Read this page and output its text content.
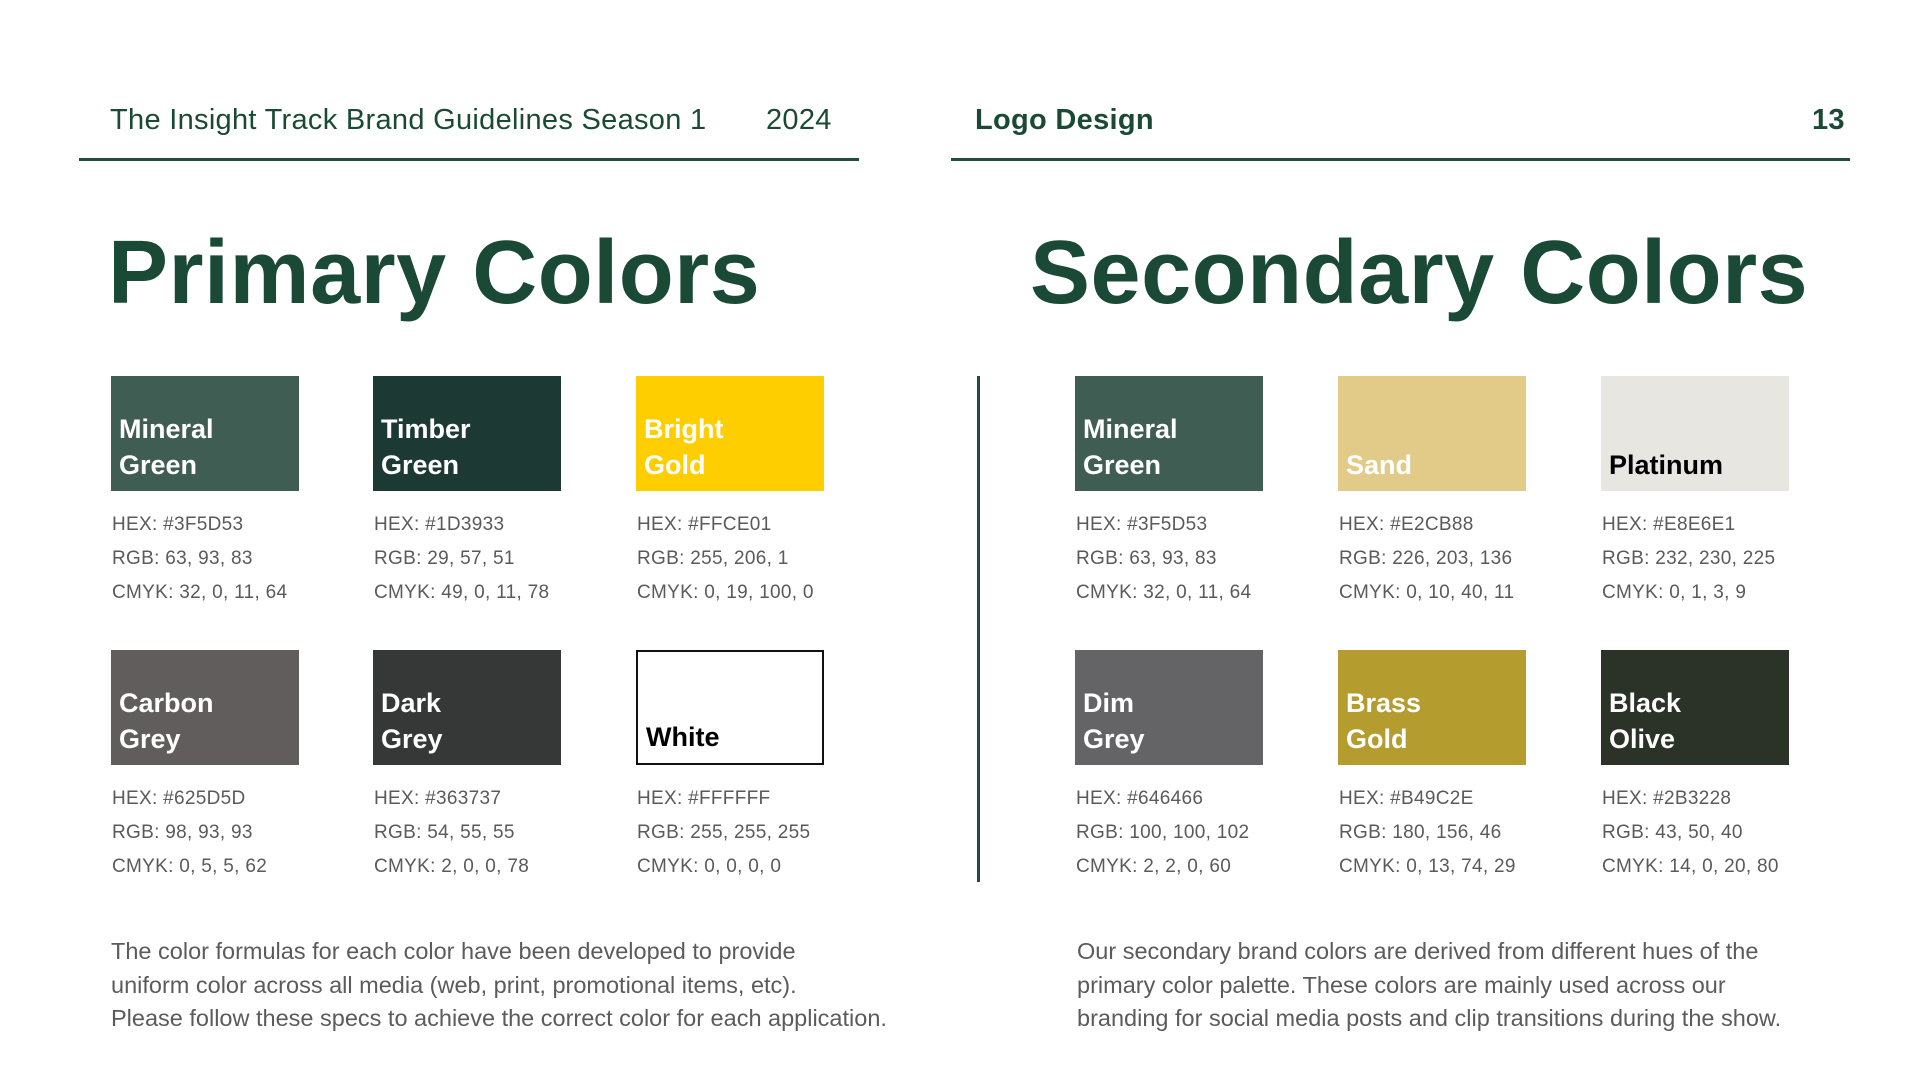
The Insight Track Brand Guidelines Season 1 2024	Logo Design	13
Primary Colors	Secondary Colors
Mineral
Green
HEX: #3F5D53
RGB: 63, 93, 83
CMYK: 32, 0, 11, 64
Timber
Green
HEX: #1D3933
RGB: 29, 57, 51
CMYK: 49, 0, 11, 78
Bright
Gold
HEX: #FFCE01
RGB: 255, 206, 1
CMYK: 0, 19, 100, 0
Carbon
Grey
HEX: #625D5D
RGB: 98, 93, 93
CMYK: 0, 5, 5, 62
Dark
Grey
HEX: #363737
RGB: 54, 55, 55
CMYK: 2, 0, 0, 78
White
HEX: #FFFFFF
RGB: 255, 255, 255
CMYK: 0, 0, 0, 0
Mineral
Green
HEX: #3F5D53
RGB: 63, 93, 83
CMYK: 32, 0, 11, 64
Sand
HEX: #E2CB88
RGB: 226, 203, 136
CMYK: 0, 10, 40, 11
Platinum
HEX: #E8E6E1
RGB: 232, 230, 225
CMYK: 0, 1, 3, 9
Dim
Grey
HEX: #646466
RGB: 100, 100, 102
CMYK: 2, 2, 0, 60
Brass
Gold
HEX: #B49C2E
RGB: 180, 156, 46
CMYK: 0, 13, 74, 29
Black
Olive
HEX: #2B3228
RGB: 43, 50, 40
CMYK: 14, 0, 20, 80
The color formulas for each color have been developed to provide
uniform color across all media (web, print, promotional items, etc).
Please follow these specs to achieve the correct color for each application.
Our secondary brand colors are derived from different hues of the
primary color palette. These colors are mainly used across our
branding for social media posts and clip transitions during the show.
